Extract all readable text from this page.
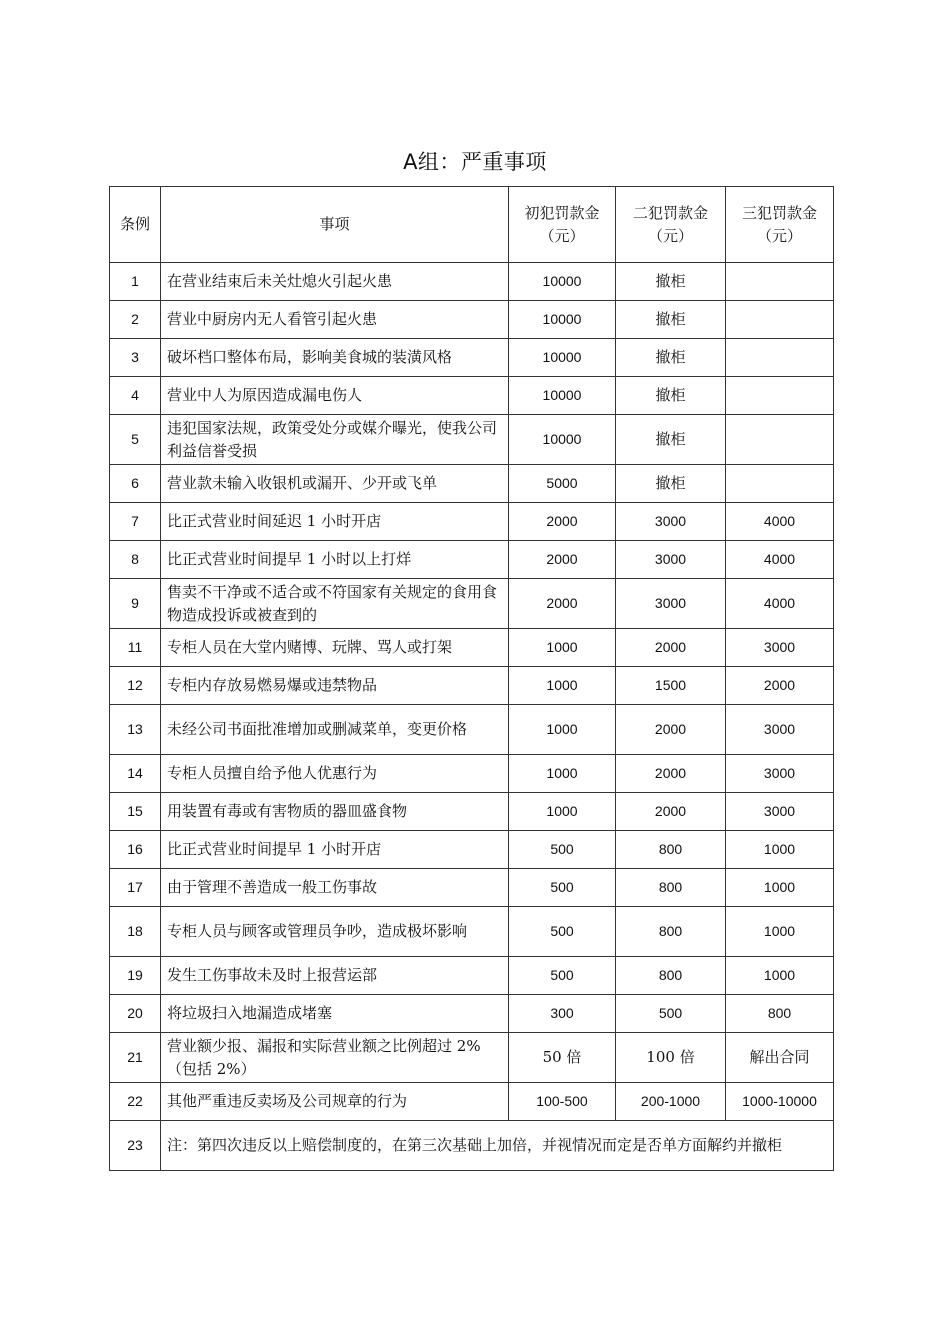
A组：严重事项
条例	事项	初犯罚款金（元）	二犯罚款金（元）	三犯罚款金（元）
1	在营业结束后未关灶熄火引起火患	10000	撤柜	
2	营业中厨房内无人看管引起火患	10000	撤柜	
3	破坏档口整体布局，影响美食城的装潢风格	10000	撤柜	
4	营业中人为原因造成漏电伤人	10000	撤柜	
5	违犯国家法规，政策受处分或媒介曝光，使我公司利益信誉受损	10000	撤柜	
6	营业款未输入收银机或漏开、少开或飞单	5000	撤柜	
7	比正式营业时间延迟 1 小时开店	2000	3000	4000
8	比正式营业时间提早 1 小时以上打烊	2000	3000	4000
9	售卖不干净或不适合或不符国家有关规定的食用食物造成投诉或被查到的	2000	3000	4000
11	专柜人员在大堂内赌博、玩牌、骂人或打架	1000	2000	3000
12	专柜内存放易燃易爆或违禁物品	1000	1500	2000
13	未经公司书面批准增加或删减菜单，变更价格	1000	2000	3000
14	专柜人员擅自给予他人优惠行为	1000	2000	3000
15	用装置有毒或有害物质的器皿盛食物	1000	2000	3000
16	比正式营业时间提早 1 小时开店	500	800	1000
17	由于管理不善造成一般工伤事故	500	800	1000
18	专柜人员与顾客或管理员争吵，造成极坏影响	500	800	1000
19	发生工伤事故未及时上报营运部	500	800	1000
20	将垃圾扫入地漏造成堵塞	300	500	800
21	营业额少报、漏报和实际营业额之比例超过 2%（包括 2%）	50 倍	100 倍	解出合同
22	其他严重违反卖场及公司规章的行为	100-500	200-1000	1000-10000
23	注：第四次违反以上赔偿制度的，在第三次基础上加倍，并视情况而定是否单方面解约并撤柜			
